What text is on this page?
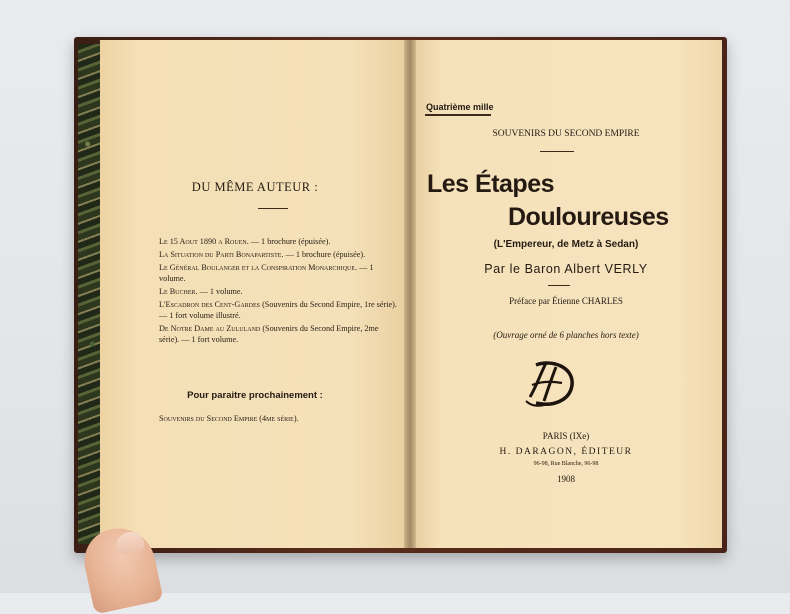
DU MÊME AUTEUR :
Le 15 Aout 1890 a Rouen. — 1 brochure (épuisée).
La Situation du Parti Bonapartiste. — 1 brochure (épuisée).
Le Général Boulanger et la Conspiration Monarchique. — 1 volume.
Le Bucher. — 1 volume.
L'Escadron des Cent-Gardes (Souvenirs du Second Empire, 1re série). — 1 fort volume illustré.
De Notre Dame au Zululand (Souvenirs du Second Empire, 2me série). — 1 fort volume.
Pour paraitre prochainement :
Souvenirs du Second Empire (4me série).
Quatrième mille
SOUVENIRS DU SECOND EMPIRE
Les Étapes
Douloureuses
(L'Empereur, de Metz à Sedan)
Par le Baron Albert VERLY
Préface par Étienne CHARLES
(Ouvrage orné de 6 planches hors texte)
PARIS (IXe)
H. DARAGON, ÉDITEUR
96-98, Rue Blanche, 96-98
1908
